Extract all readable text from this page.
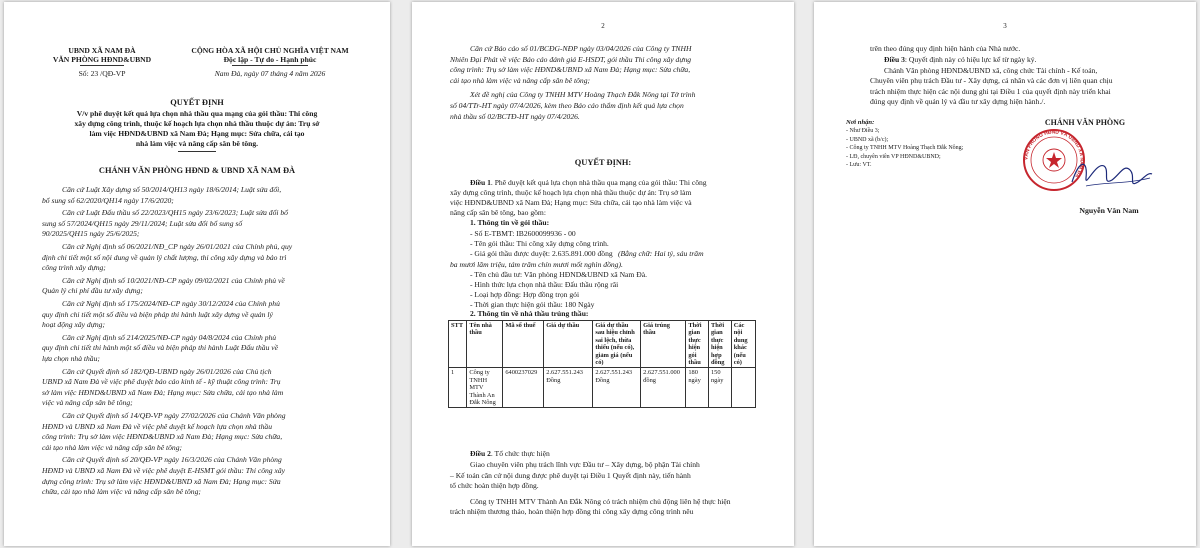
UBND XÃ NAM ĐÀ
VĂN PHÒNG HĐND&UBND
Số: 23 /QĐ-VP
CỘNG HÒA XÃ HỘI CHỦ NGHĨA VIỆT NAM
Độc lập - Tự do - Hạnh phúc
Nam Đà, ngày 07 tháng 4 năm 2026
QUYẾT ĐỊNH
V/v phê duyệt kết quả lựa chọn nhà thầu qua mạng của gói thầu: Thi công
xây dựng công trình, thuộc kế hoạch lựa chọn nhà thầu thuộc dự án: Trụ sở
làm việc HĐND&UBND xã Nam Đà; Hạng mục: Sửa chữa, cải tạo
nhà làm việc và nâng cấp sân bê tông.
CHÁNH VĂN PHÒNG HĐND & UBND XÃ NAM ĐÀ
Căn cứ Luật Xây dựng số 50/2014/QH13 ngày 18/6/2014; Luật sửa đổi,
bổ sung số 62/2020/QH14 ngày 17/6/2020;
Căn cứ Luật Đấu thầu số 22/2023/QH15 ngày 23/6/2023; Luật sửa đổi bổ
sung số 57/2024/QH15 ngày 29/11/2024; Luật sửa đổi bổ sung số
90/2025/QH15 ngày 25/6/2025;
Căn cứ Nghị định số 06/2021/NĐ_CP ngày 26/01/2021 của Chính phủ, quy
định chi tiết một số nội dung về quản lý chất lượng, thi công xây dựng và bảo trì
công trình xây dựng;
Căn cứ Nghị định số 10/2021/NĐ-CP ngày 09/02/2021 của Chính phủ về
Quản lý chi phí đầu tư xây dựng;
Căn cứ Nghị định số 175/2024/NĐ-CP ngày 30/12/2024 của Chính phủ
quy định chi tiết một số điều và biện pháp thi hành luật xây dựng về quản lý
hoạt động xây dựng;
Căn cứ Nghị định số 214/2025/NĐ-CP ngày 04/8/2024 của Chính phủ
quy định chi tiết thi hành một số điều và biện pháp thi hành Luật Đấu thầu về
lựa chọn nhà thầu;
Căn cứ Quyết định số 182/QĐ-UBND ngày 26/01/2026 của Chủ tịch
UBND xã Nam Đà về việc phê duyệt báo cáo kinh tế - kỹ thuật công trình: Trụ
sở làm việc HĐND&UBND xã Nam Đà; Hạng mục: Sửa chữa, cải tạo nhà làm
việc và nâng cấp sân bê tông;
Căn cứ Quyết định số 14/QĐ-VP ngày 27/02/2026 của Chánh Văn phòng
HĐND và UBND xã Nam Đà về việc phê duyệt kế hoạch lựa chọn nhà thầu
công trình: Trụ sở làm việc HĐND&UBND xã Nam Đà; Hạng mục: Sửa chữa,
cải tạo nhà làm việc và nâng cấp sân bê tông;
Căn cứ Quyết định số 20/QĐ-VP ngày 16/3/2026 của Chánh Văn phòng
HĐND và UBND xã Nam Đà về việc phê duyệt E-HSMT gói thầu: Thi công xây
dựng công trình: Trụ sở làm việc HĐND&UBND xã Nam Đà; Hạng mục: Sửa
chữa, cải tạo nhà làm việc và nâng cấp sân bê tông;
2
Căn cứ Báo cáo số 01/BCĐG-NĐP ngày 03/04/2026 của Công ty TNHH
Nhiên Đại Phát về việc Báo cáo đánh giá E-HSDT, gói thầu Thi công xây dựng
công trình: Trụ sở làm việc HĐND&UBND xã Nam Đà; Hạng mục: Sửa chữa,
cải tạo nhà làm việc và nâng cấp sân bê tông;
Xét đề nghị của Công ty TNHH MTV Hoàng Thạch Đắk Nông tại Tờ trình
số 04/TTr-HT ngày 07/4/2026, kèm theo Báo cáo thẩm định kết quả lựa chọn
nhà thầu số 02/BCTĐ-HT ngày 07/4/2026.
QUYẾT ĐỊNH:
Điều 1. Phê duyệt kết quả lựa chọn nhà thầu qua mạng của gói thầu: Thi công
xây dựng công trình, thuộc kế hoạch lựa chọn nhà thầu thuộc dự án: Trụ sở làm
việc HĐND&UBND xã Nam Đà; Hạng mục: Sửa chữa, cải tạo nhà làm việc và
nâng cấp sân bê tông, bao gồm:
1. Thông tin về gói thầu:
- Số E-TBMT: IB2600099936 - 00
- Tên gói thầu: Thi công xây dựng công trình.
- Giá gói thầu được duyệt: 2.635.891.000 đồng
ba mươi lăm triệu, tám trăm chín mươi mốt nghìn đồng).
- Tên chủ đầu tư: Văn phòng HĐND&UBND xã Nam Đà.
- Hình thức lựa chọn nhà thầu: Đấu thầu rộng rãi
- Loại hợp đồng: Hợp đồng trọn gói
- Thời gian thực hiện gói thầu: 180 Ngày
(Bằng chữ: Hai tỷ, sáu trăm
2. Thông tin về nhà thầu trúng thầu:
STT	Tên nhà thầu	Mã số thuế	Giá dự thầu	Giá dự thầu sau hiệu chỉnh sai lệch, thừa thiếu (nếu có), giảm giá (nếu có)	Giá trúng thầu	Thời gian thực hiện gói thầu	Thời gian thực hiện hợp đồng	Các nội dung khác (nếu có)
1	Công ty TNHH MTV Thành An Đắk Nông	6400237029	2.627.551.243 Đồng	2.627.551.243 Đồng	2.627.551.000 đồng	180 ngày	150 ngày	
Điều 2. Tổ chức thực hiện
Giao chuyên viên phụ trách lĩnh vực Đầu tư – Xây dựng, bộ phận Tài chính
– Kế toán căn cứ nội dung được phê duyệt tại Điều 1 Quyết định này, tiến hành
tổ chức hoàn thiện hợp đồng.
Công ty TNHH MTV Thành An Đắk Nông có trách nhiệm chủ động liên hệ thực hiện
trách nhiệm thương thảo, hoàn thiện hợp đồng thi công xây dựng công trình nêu
3
trên theo đúng quy định hiện hành của Nhà nước.
Điều 3: Quyết định này có hiệu lực kể từ ngày ký.
Chánh Văn phòng HĐND&UBND xã, công chức Tài chính - Kế toán,
Chuyên viên phụ trách Đầu tư - Xây dựng, cá nhân và các đơn vị liên quan chịu
trách nhiệm thực hiện các nội dung ghi tại Điều 1 của quyết định này triển khai
đúng quy định về quản lý và đầu tư xây dựng hiện hành./.
Nơi nhận:
- Như Điều 3;
- UBND xã (b/c);
- Công ty TNHH MTV Hoàng Thạch Đắk Nông;
- LĐ, chuyên viên VP HĐND&UBND;
- Lưu: VT.
CHÁNH VĂN PHÒNG
VĂN PHÒNG HĐND VÀ UBND XÃ NAM ĐÀ
Nguyễn Văn Nam
